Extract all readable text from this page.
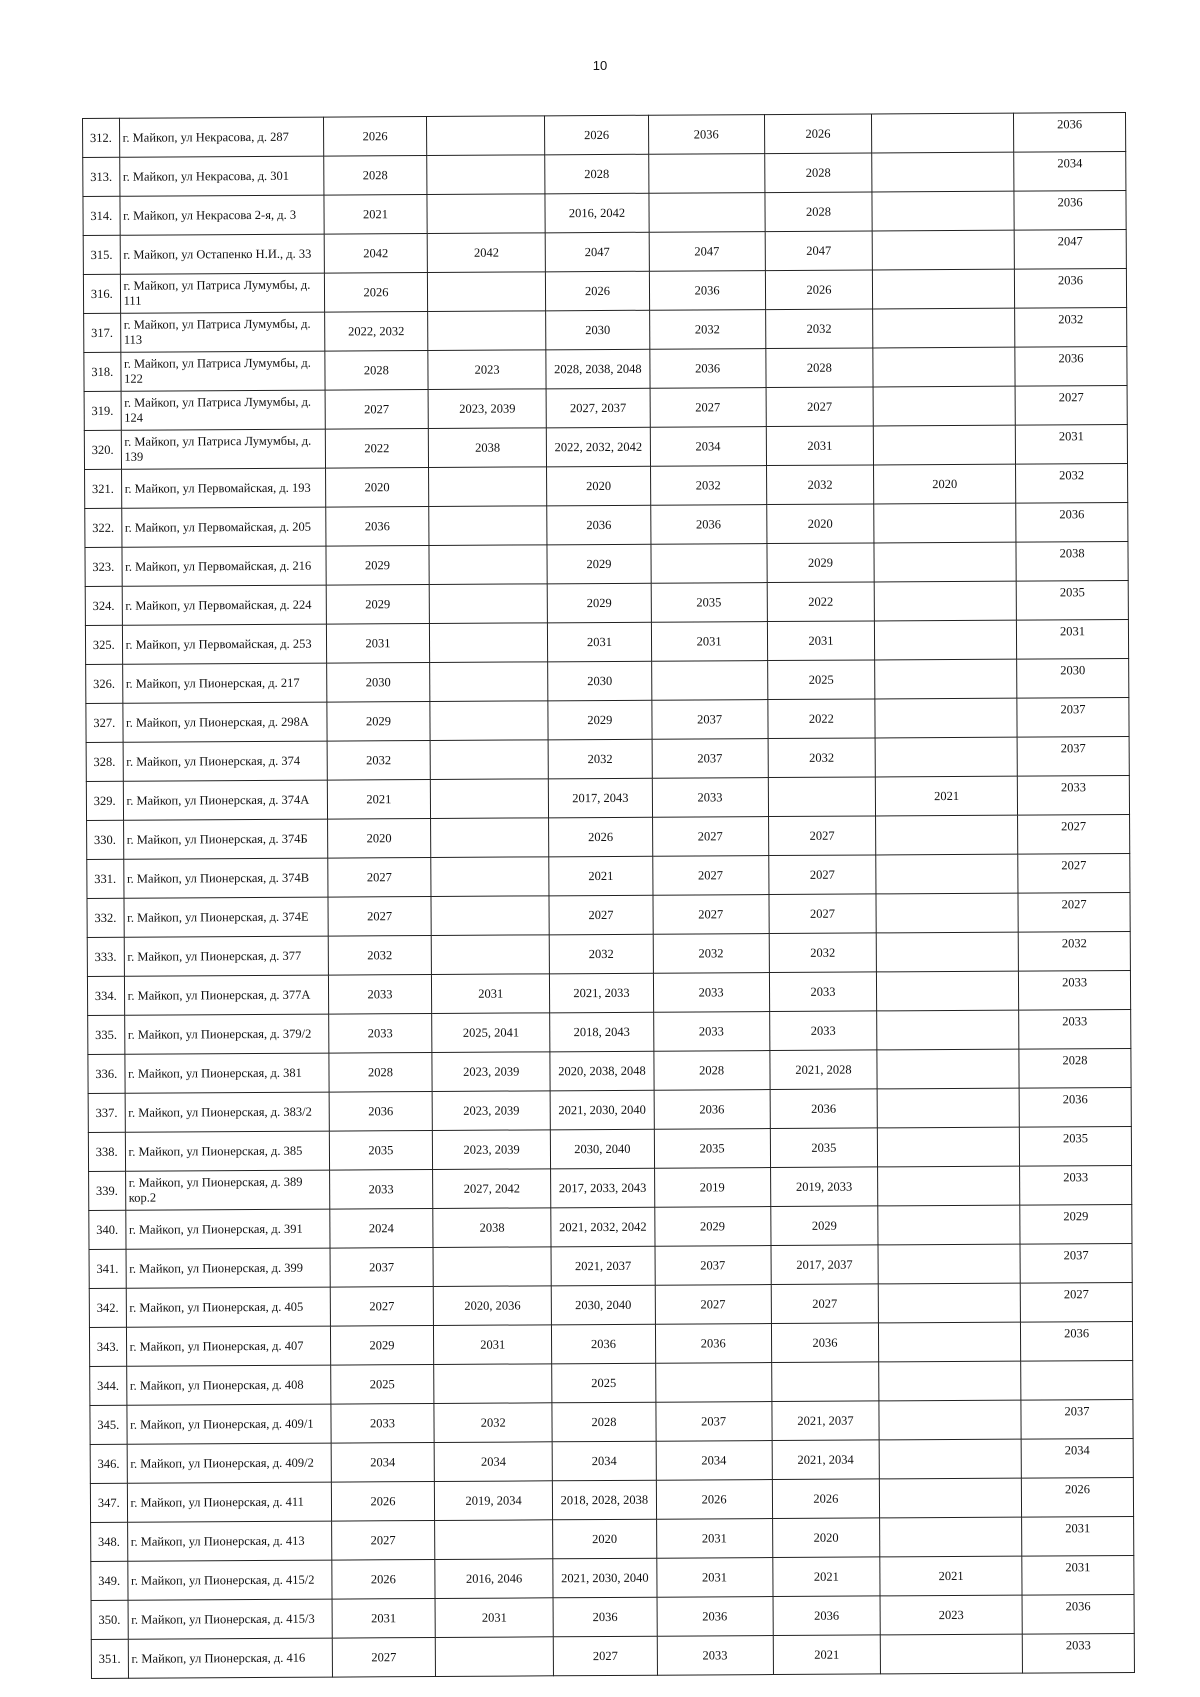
10
312.	г. Майкоп, ул Некрасова, д. 287	2026		2026	2036	2026		2036
313.	г. Майкоп, ул Некрасова, д. 301	2028		2028		2028		2034
314.	г. Майкоп, ул Некрасова 2-я, д. 3	2021		2016, 2042		2028		2036
315.	г. Майкоп, ул Остапенко Н.И., д. 33	2042	2042	2047	2047	2047		2047
316.	г. Майкоп, ул Патриса Лумумбы, д. 111	2026		2026	2036	2026		2036
317.	г. Майкоп, ул Патриса Лумумбы, д. 113	2022, 2032		2030	2032	2032		2032
318.	г. Майкоп, ул Патриса Лумумбы, д. 122	2028	2023	2028, 2038, 2048	2036	2028		2036
319.	г. Майкоп, ул Патриса Лумумбы, д. 124	2027	2023, 2039	2027, 2037	2027	2027		2027
320.	г. Майкоп, ул Патриса Лумумбы, д. 139	2022	2038	2022, 2032, 2042	2034	2031		2031
321.	г. Майкоп, ул Первомайская, д. 193	2020		2020	2032	2032	2020	2032
322.	г. Майкоп, ул Первомайская, д. 205	2036		2036	2036	2020		2036
323.	г. Майкоп, ул Первомайская, д. 216	2029		2029		2029		2038
324.	г. Майкоп, ул Первомайская, д. 224	2029		2029	2035	2022		2035
325.	г. Майкоп, ул Первомайская, д. 253	2031		2031	2031	2031		2031
326.	г. Майкоп, ул Пионерская, д. 217	2030		2030		2025		2030
327.	г. Майкоп, ул Пионерская, д. 298А	2029		2029	2037	2022		2037
328.	г. Майкоп, ул Пионерская, д. 374	2032		2032	2037	2032		2037
329.	г. Майкоп, ул Пионерская, д. 374А	2021		2017, 2043	2033		2021	2033
330.	г. Майкоп, ул Пионерская, д. 374Б	2020		2026	2027	2027		2027
331.	г. Майкоп, ул Пионерская, д. 374В	2027		2021	2027	2027		2027
332.	г. Майкоп, ул Пионерская, д. 374Е	2027		2027	2027	2027		2027
333.	г. Майкоп, ул Пионерская, д. 377	2032		2032	2032	2032		2032
334.	г. Майкоп, ул Пионерская, д. 377А	2033	2031	2021, 2033	2033	2033		2033
335.	г. Майкоп, ул Пионерская, д. 379/2	2033	2025, 2041	2018, 2043	2033	2033		2033
336.	г. Майкоп, ул Пионерская, д. 381	2028	2023, 2039	2020, 2038, 2048	2028	2021, 2028		2028
337.	г. Майкоп, ул Пионерская, д. 383/2	2036	2023, 2039	2021, 2030, 2040	2036	2036		2036
338.	г. Майкоп, ул Пионерская, д. 385	2035	2023, 2039	2030, 2040	2035	2035		2035
339.	г. Майкоп, ул Пионерская, д. 389 кор.2	2033	2027, 2042	2017, 2033, 2043	2019	2019, 2033		2033
340.	г. Майкоп, ул Пионерская, д. 391	2024	2038	2021, 2032, 2042	2029	2029		2029
341.	г. Майкоп, ул Пионерская, д. 399	2037		2021, 2037	2037	2017, 2037		2037
342.	г. Майкоп, ул Пионерская, д. 405	2027	2020, 2036	2030, 2040	2027	2027		2027
343.	г. Майкоп, ул Пионерская, д. 407	2029	2031	2036	2036	2036		2036
344.	г. Майкоп, ул Пионерская, д. 408	2025		2025				
345.	г. Майкоп, ул Пионерская, д. 409/1	2033	2032	2028	2037	2021, 2037		2037
346.	г. Майкоп, ул Пионерская, д. 409/2	2034	2034	2034	2034	2021, 2034		2034
347.	г. Майкоп, ул Пионерская, д. 411	2026	2019, 2034	2018, 2028, 2038	2026	2026		2026
348.	г. Майкоп, ул Пионерская, д. 413	2027		2020	2031	2020		2031
349.	г. Майкоп, ул Пионерская, д. 415/2	2026	2016, 2046	2021, 2030, 2040	2031	2021	2021	2031
350.	г. Майкоп, ул Пионерская, д. 415/3	2031	2031	2036	2036	2036	2023	2036
351.	г. Майкоп, ул Пионерская, д. 416	2027		2027	2033	2021		2033
